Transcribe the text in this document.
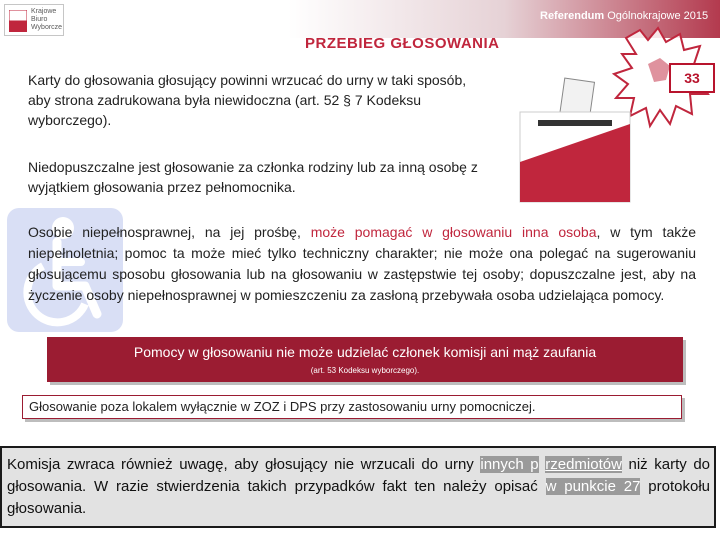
Krajowe
Biuro
Wyborcze
Referendum Ogólnokrajowe 2015
PRZEBIEG GŁOSOWANIA
33
Karty do głosowania głosujący powinni wrzucać do urny w taki sposób, aby strona zadrukowana była niewidoczna (art. 52 § 7 Kodeksu wyborczego).
Niedopuszczalne jest głosowanie za członka rodziny lub za inną osobę z wyjątkiem głosowania przez pełnomocnika.
Osobie niepełnosprawnej, na jej prośbę, może pomagać w głosowaniu inna osoba, w tym także niepełnoletnia; pomoc ta może mieć tylko techniczny charakter; nie może ona polegać na sugerowaniu głosującemu sposobu głosowania lub na głosowaniu w zastępstwie tej osoby; dopuszczalne jest, aby na życzenie osoby niepełnosprawnej w pomieszczeniu za zasłoną przebywała osoba udzielająca pomocy.
Pomocy w głosowaniu nie może udzielać członek komisji ani mąż zaufania
(art. 53 Kodeksu wyborczego).
Głosowanie poza lokalem wyłącznie w ZOZ i DPS przy zastosowaniu urny pomocniczej.
Komisja zwraca również uwagę, aby głosujący nie wrzucali do urny innych p rzedmiotów niż karty do głosowania. W razie stwierdzenia takich przypadków fakt ten należy opisać w punkcie 27 protokołu głosowania.
